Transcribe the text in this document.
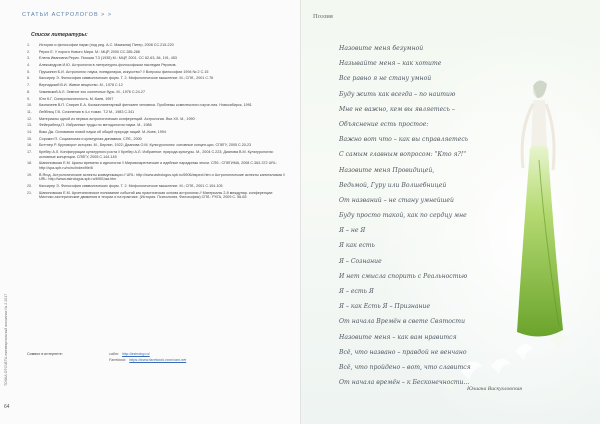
СТАТЬИ АСТРОЛОГОВ > >
Список литературы:
1. Истории и философии науки (под ред. А.С. Мамзина) Питер, 2008 СС.215-220
2. Рерих Е. У порога Нового Мира. М.: МЦР, 2000 СС.285-288
3. Елена Ивановна Рерих. Письма Т.3 (1935) М.: МЦР, 2001. СС 62-63, 84, 191, 453
4. Александров И.Ю. Астрология в литературно-философском наследии Рерихов.
5. Прушинин Б.И. Астрология: наука, псевдонаука, искусство? // Вопросы философии 1994 № 2 С.15
6. Кассирер Э. Философия символических форм. Т. 2. Мифологическое мышление. М.; СПб., 2001 С.76
7. Вернадский В.И. Живое вещество. М., 1978 С.12
8. Чижевский А.Л. Земное эхо солнечных бурь. М., 1976 С.24-27
9. Юнг К.Г. Синхронистичность. М.:Киев, 1997
10. Казначеев В.П. Спирин Е.А. Космопланетарный феномен человека. Проблемы комплексного изуче-ния. Новосибирск, 1991
11. Лейбниц Г.В. Сочинения в 4-х томах. Т.2 М., 1983 С.341
12. Материалы одной из первых астрологических конференций. Астрология. Вчи XX. М., 1990
13. Фейерабенд П. Избранные труды по методологии науки. М., 1986
14. Вико Дж. Основания новой науки об общей природе наций. М.-Киев, 1994
15. Сорокин П. Социальная и культурная динамика. СПб., 2000
16. Биттнер Р. Круговорот истории. М., Берлин, 1922; Дианова О.М. Культурология: основные концеп-ции. СПбГУ, 2005 С.20-23
17. Кребер А.Л. Конфигурации культурного роста // Кребер А.Л. Избранное: природа культуры. М., 2004 С.223; Дианова В.М. Культурология: основные концепции. СПбГУ, 2005 С.144-145
18. Шапиновская Е.М. Циклы времени и идеологии // Мировоззренческие и идейные парадигмы эпохи. СПб.: СПбГИМА, 2008 С.363-372 URL: http://spa-spb.ru/ru/ru/index/file/6
19. В.Ягод. Астрологические аспекты коммуникации // URL: http://www.astrologus.spb.ru/6906/aspect.htm и Астрологические аспекты капитализма // URL: http://www.astrologus.spb.ru/6901/aa.htm
20. Кассирер Э. Философия символических форм. Т. 2. Мифологическое мышление. М.; СПб., 2001 С.104-105
21. Шапиновская Е.М. Архетипическое понимание событий как практическая основа астрологии // Материалы 2-й междунар. конференции: Мистико-эзотерические движения в теории и на практике. (История. Психология. Философия) СПб.: РХГА, 2009 С. 56-65
Символ в интернете:	сайт: http://astrolog.ru/
Facebook: https://www.facebook.com/vam.net
ТОЧКА ОТСЧЕТА ежеквартальный альманах № 2 2017
64
Поэзия
Назовите меня безумной
Называйте меня – как хотите
Все равно я не стану умной
Буду жить как всегда – по наитию
Мне не важно, кем вы являетесь –
Объяснение есть простое:
Важно вот что – как вы справляетесь
С самым главным вопросом: "Кто я?!"
Назовите меня Провидицей,
Ведьмой, Гуру или Волшебницей
От названий – не стану умнейшей
Буду просто такой, как по сердцу мне
Я – не Я
Я как есть
Я – Сознание
И нет смысла спорить с Реальностью
Я – есть Я
Я – как Есть Я – Признание
От начала Времён в свете Святости
Назовите меня – как вам нравится
Всё, что названо – правдой не венчано
Всё, что пройдено – вот, что славится
От начала времён – к Бесконечности...
Юлиана Вискухловская
